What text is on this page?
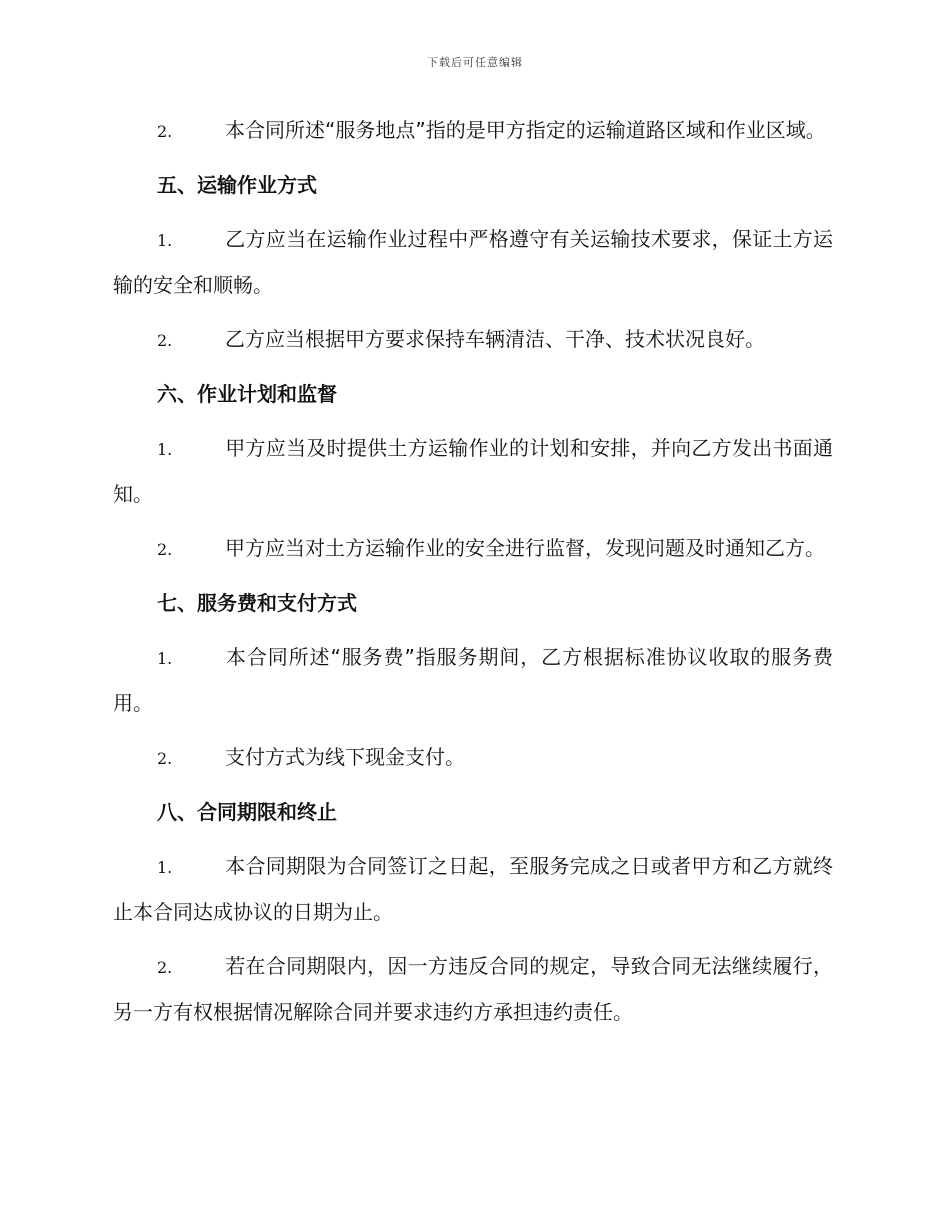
下载后可任意编辑

2.	本合同所述“服务地点”指的是甲方指定的运输道路区域和作业区域。

五、运输作业方式

1.	乙方应当在运输作业过程中严格遵守有关运输技术要求，保证土方运输的安全和顺畅。

2.	乙方应当根据甲方要求保持车辆清洁、干净、技术状况良好。

六、作业计划和监督

1.	甲方应当及时提供土方运输作业的计划和安排，并向乙方发出书面通知。

2.	甲方应当对土方运输作业的安全进行监督，发现问题及时通知乙方。

七、服务费和支付方式

1.	本合同所述“服务费”指服务期间，乙方根据标准协议收取的服务费用。

2.	支付方式为线下现金支付。

八、合同期限和终止

1.	本合同期限为合同签订之日起，至服务完成之日或者甲方和乙方就终止本合同达成协议的日期为止。

2.	若在合同期限内，因一方违反合同的规定，导致合同无法继续履行，另一方有权根据情况解除合同并要求违约方承担违约责任。
